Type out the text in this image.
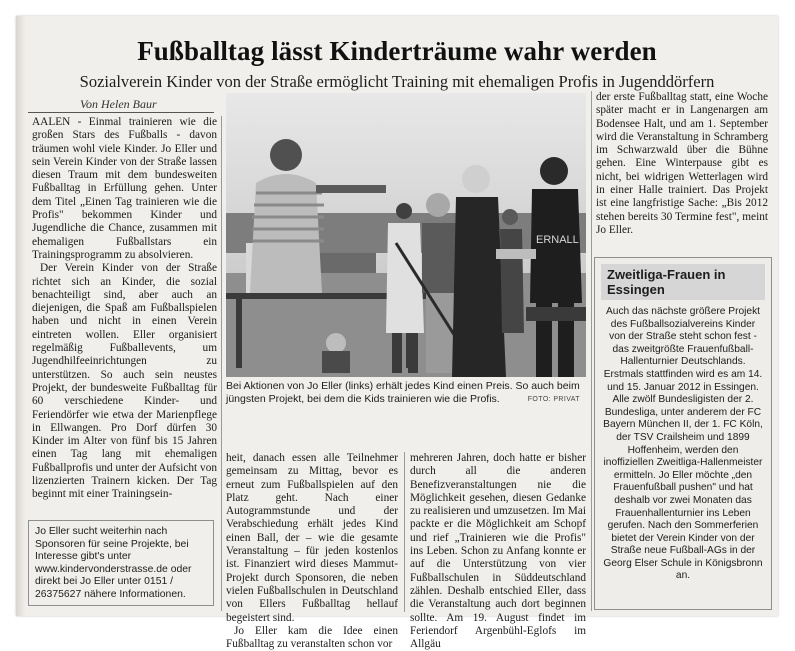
Fußballtag lässt Kinderträume wahr werden
Sozialverein Kinder von der Straße ermöglicht Training mit ehemaligen Profis in Jugenddörfern
Von Helen Baur

AALEN - Einmal trainieren wie die großen Stars des Fußballs - davon träumen wohl viele Kinder. Jo Eller und sein Verein Kinder von der Straße lassen diesen Traum mit dem bundesweiten Fußballtag in Erfüllung gehen. Unter dem Titel „Einen Tag trainieren wie die Profis" bekommen Kinder und Jugendliche die Chance, zusammen mit ehemaligen Fußballstars ein Trainingsprogramm zu absolvieren.

Der Verein Kinder von der Straße richtet sich an Kinder, die sozial benachteiligt sind, aber auch an diejenigen, die Spaß am Fußballspielen haben und nicht in einen Verein eintreten wollen. Eller organisiert regelmäßig Fußballevents, um Jugendhilfeeinrichtungen zu unterstützen. So auch sein neustes Projekt, der bundesweite Fußballtag für 60 verschiedene Kinder- und Feriendörfer wie etwa der Marienpflege in Ellwangen. Pro Dorf dürfen 30 Kinder im Alter von fünf bis 15 Jahren einen Tag lang mit ehemaligen Fußballprofis und unter der Aufsicht von lizenzierten Trainern kicken. Der Tag beginnt mit einer Trainingsein-

ERNALL
Bei Aktionen von Jo Eller (links) erhält jedes Kind einen Preis. So auch beim jüngsten Projekt, bei dem die Kids trainieren wie die Profis.	FOTO: PRIVAT

heit, danach essen alle Teilnehmer gemeinsam zu Mittag, bevor es erneut zum Fußballspielen auf den Platz geht. Nach einer Autogrammstunde und der Verabschiedung erhält jedes Kind einen Ball, der – wie die gesamte Veranstaltung – für jeden kostenlos ist. Finanziert wird dieses Mammut-Projekt durch Sponsoren, die neben vielen Fußballschulen in Deutschland von Ellers Fußballtag hellauf begeistert sind.

Jo Eller kam die Idee einen Fußballtag zu veranstalten schon vor

mehreren Jahren, doch hatte er bisher durch all die anderen Benefizveranstaltungen nie die Möglichkeit gesehen, diesen Gedanke zu realisieren und umzusetzen. Im Mai packte er die Möglichkeit am Schopf und rief „Trainieren wie die Profis" ins Leben. Schon zu Anfang konnte er auf die Unterstützung von vier Fußballschulen in Süddeutschland zählen. Deshalb entschied Eller, dass die Veranstaltung auch dort beginnen sollte. Am 19. August findet im Feriendorf Argenbühl-Eglofs im Allgäu

der erste Fußballtag statt, eine Woche später macht er in Langenargen am Bodensee Halt, und am 1. September wird die Veranstaltung in Schramberg im Schwarzwald über die Bühne gehen. Eine Winterpause gibt es nicht, bei widrigen Wetterlagen wird in einer Halle trainiert. Das Projekt ist eine langfristige Sache: „Bis 2012 stehen bereits 30 Termine fest", meint Jo Eller.

Jo Eller sucht weiterhin nach Sponsoren für seine Projekte, bei Interesse gibt's unter www.kindervonderstrasse.de oder direkt bei Jo Eller unter 0151 / 26375627 nähere Informationen.
Zweitliga-Frauen in Essingen
Auch das nächste größere Projekt des Fußballsozialvereins Kinder von der Straße steht schon fest - das zweitgrößte Frauenfußball-Hallenturnier Deutschlands. Erstmals stattfinden wird es am 14. und 15. Januar 2012 in Essingen. Alle zwölf Bundesligisten der 2. Bundesliga, unter anderem der FC Bayern München II, der 1. FC Köln, der TSV Crailsheim und 1899 Hoffenheim, werden den inoffiziellen Zweitliga-Hallenmeister ermitteln. Jo Eller möchte „den Frauenfußball pushen" und hat deshalb vor zwei Monaten das Frauenhallenturnier ins Leben gerufen. Nach den Sommerferien bietet der Verein Kinder von der Straße neue Fußball-AGs in der Georg Elser Schule in Königsbronn an.
